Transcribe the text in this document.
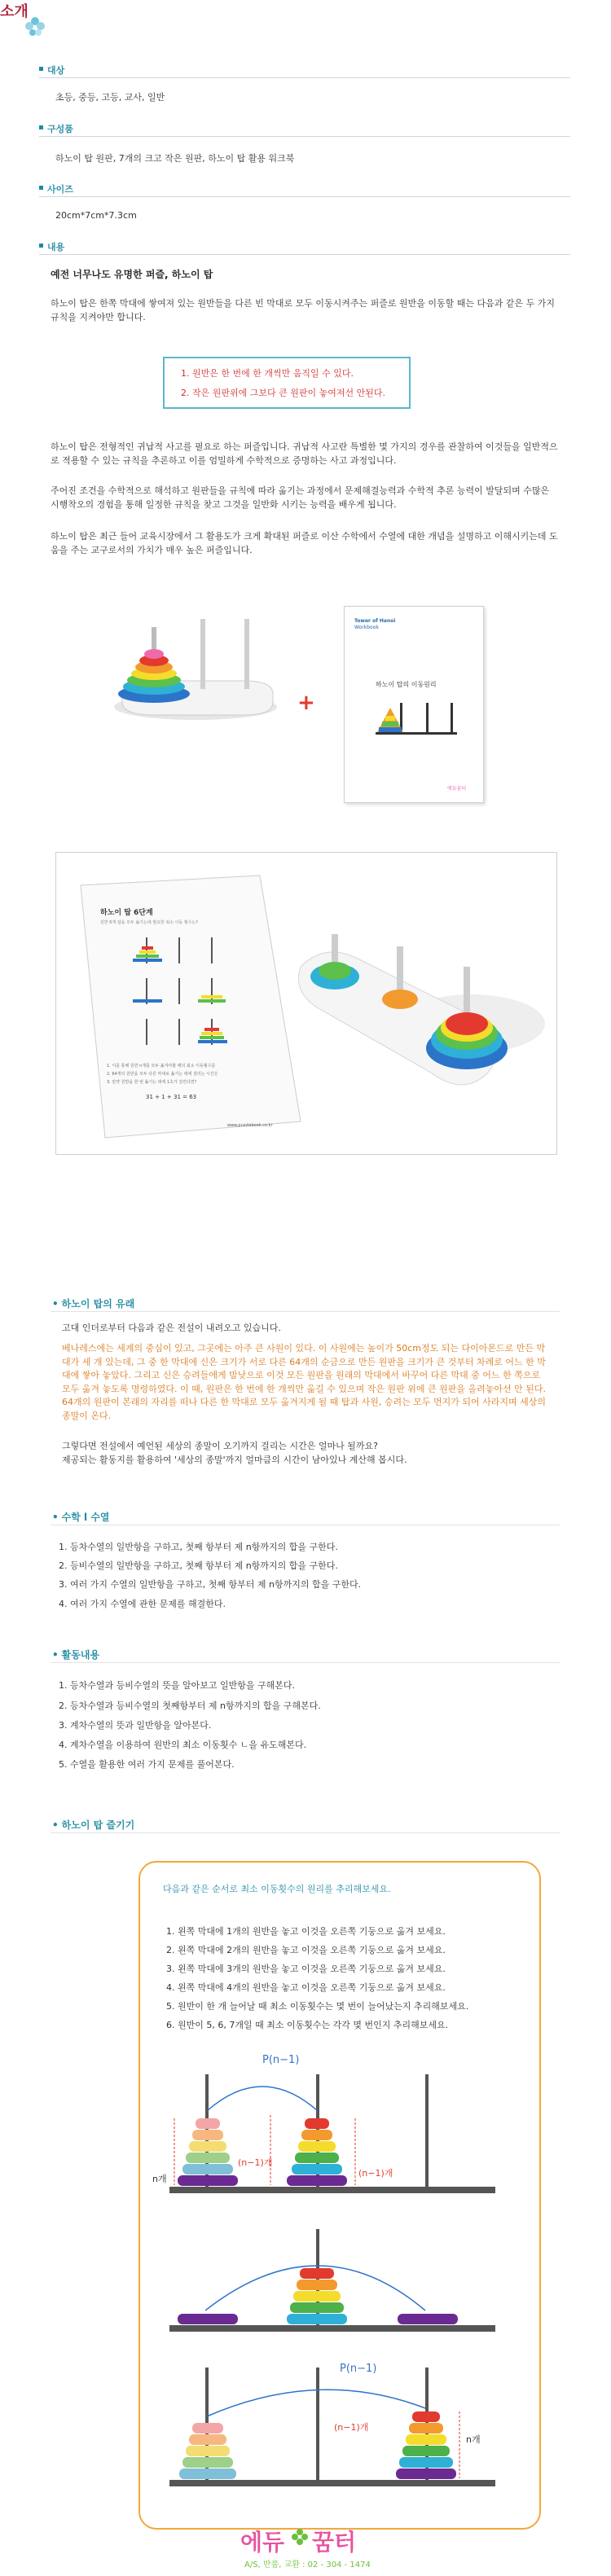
소개
대상
초등, 중등, 고등, 교사, 일반
구성품
하노이 탑 원판, 7개의 크고 작은 원판, 하노이 탑 활용 워크북
사이즈
20cm*7cm*7.3cm
내용
예전 너무나도 유명한 퍼즐, 하노이 탑
하노이 탑은 한쪽 막대에 쌓여져 있는 원반들을 다른 빈 막대로 모두 이동시켜주는 퍼즐로 원반을 이동할 때는 다음과 같은 두 가지 규칙을 지켜야만 합니다.
1. 원반은 한 번에 한 개씩만 움직일 수 있다.
2. 작은 원판위에 그보다 큰 원판이 놓여져선 안된다.
하노이 탑은 전형적인 귀납적 사고를 필요로 하는 퍼즐입니다. 귀납적 사고란 특별한 몇 가지의 경우를 관찰하여 이것들을 일반적으로 적용할 수 있는 규칙을 추론하고 이를 엄밀하게 수학적으로 증명하는 사고 과정입니다.
주어진 조건을 수학적으로 해석하고 원판들을 규칙에 따라 옮기는 과정에서 문제해결능력과 수학적 추론 능력이 발달되며 수많은 시행착오의 경험을 통해 일정한 규칙을 찾고 그것을 일반화 시키는 능력을 배우게 됩니다.
하노이 탑은 최근 들어 교육시장에서 그 활용도가 크게 확대된 퍼즐로 이산 수학에서 수열에 대한 개념을 설명하고 이해시키는데 도움을 주는 교구로서의 가치가 매우 높은 퍼즐입니다.
+
Tower of Hanoi
Workbook
하노이 탑의 이동원리
에듀꿈터
하노이 탑 6단계
원반 6개 탑을 모두 옮기는데 필요한 최소 이동 횟수는?
1. 이를 통해 원반 n개를 모두 옮겨야할 때의 최소 이동횟수를
2. 64개의 원반을 모두 다른 막대로 옮기는 데에 걸리는 시간은
3. 만약 원반을 한 번 옮기는 데에 1초가 걸린다면?
31 + 1 + 31 = 63
www.puzzlebook.co.kr
• 하노이 탑의 유래
고대 인더로부터 다음과 같은 전설이 내려오고 있습니다.
베나레스에는 세계의 중심이 있고, 그곳에는 아주 큰 사원이 있다. 이 사원에는 높이가 50cm정도 되는 다이아몬드로 만든 막대가 세 개 있는데, 그 중 한 막대에 신은 크기가 서로 다른 64개의 순금으로 만든 원판을 크기가 큰 것부터 차례로 어느 한 막대에 쌓아 놓았다. 그리고 신은 승려들에게 밤낮으로 이것 모든 원판을 원래의 막대에서 바꾸어 다른 막대 중 어느 한 쪽으로 모두 옮겨 놓도록 명령하였다. 이 때, 원판은 한 번에 한 개씩만 옮길 수 있으며 작은 원판 위에 큰 원판을 올려놓아선 안 된다. 64개의 원판이 본래의 자리를 떠나 다른 한 막대로 모두 옮겨지게 될 때 탑과 사원, 승려는 모두 먼지가 되어 사라지며 세상의 종말이 온다.
그렇다면 전설에서 예언된 세상의 종말이 오기까지 걸리는 시간은 얼마나 될까요?
제공되는 활동지를 활용하여 '세상의 종말'까지 얼마큼의 시간이 남아있나 계산해 봅시다.
• 수학 l 수열
1. 등차수열의 일반항을 구하고, 첫째 항부터 제 n항까지의 합을 구한다.
2. 등비수열의 일반항을 구하고, 첫째 항부터 제 n항까지의 합을 구한다.
3. 여러 가지 수열의 일반항을 구하고, 첫째 항부터 제 n항까지의 합을 구한다.
4. 여러 가지 수열에 관한 문제를 해결한다.
• 활동내용
1. 등차수열과 등비수열의 뜻을 알아보고 일반항을 구해본다.
2. 등차수열과 등비수열의 첫째항부터 제 n항까지의 합을 구해본다.
3. 계차수열의 뜻과 일반항을 알아본다.
4. 계차수열을 이용하여 원반의 최소 이동횟수 ㄴ을 유도해본다.
5. 수열을 활용한 여러 가지 문제를 풀어본다.
• 하노이 탑 즐기기
다음과 같은 순서로 최소 이동횟수의 원리를 추리해보세요.
1. 왼쪽 막대에 1개의 원반을 놓고 이것을 오른쪽 기둥으로 옮겨 보세요.
2. 왼쪽 막대에 2개의 원반을 놓고 이것을 오른쪽 기둥으로 옮겨 보세요.
3. 왼쪽 막대에 3개의 원반을 놓고 이것을 오른쪽 기둥으로 옮겨 보세요.
4. 왼쪽 막대에 4개의 원반을 놓고 이것을 오른쪽 기둥으로 옮겨 보세요.
5. 원반이 한 개 늘어날 때 최소 이동횟수는 몇 번이 늘어났는지 추리해보세요.
6. 원반이 5, 6, 7개일 때 최소 이동횟수는 각각 몇 번인지 추리해보세요.
P(n−1)
(n−1)개
n개
(n−1)개
P(n−1)
(n−1)개
n개
에듀 꿈터
A/S, 반품, 교환 : 02 - 304 - 1474
